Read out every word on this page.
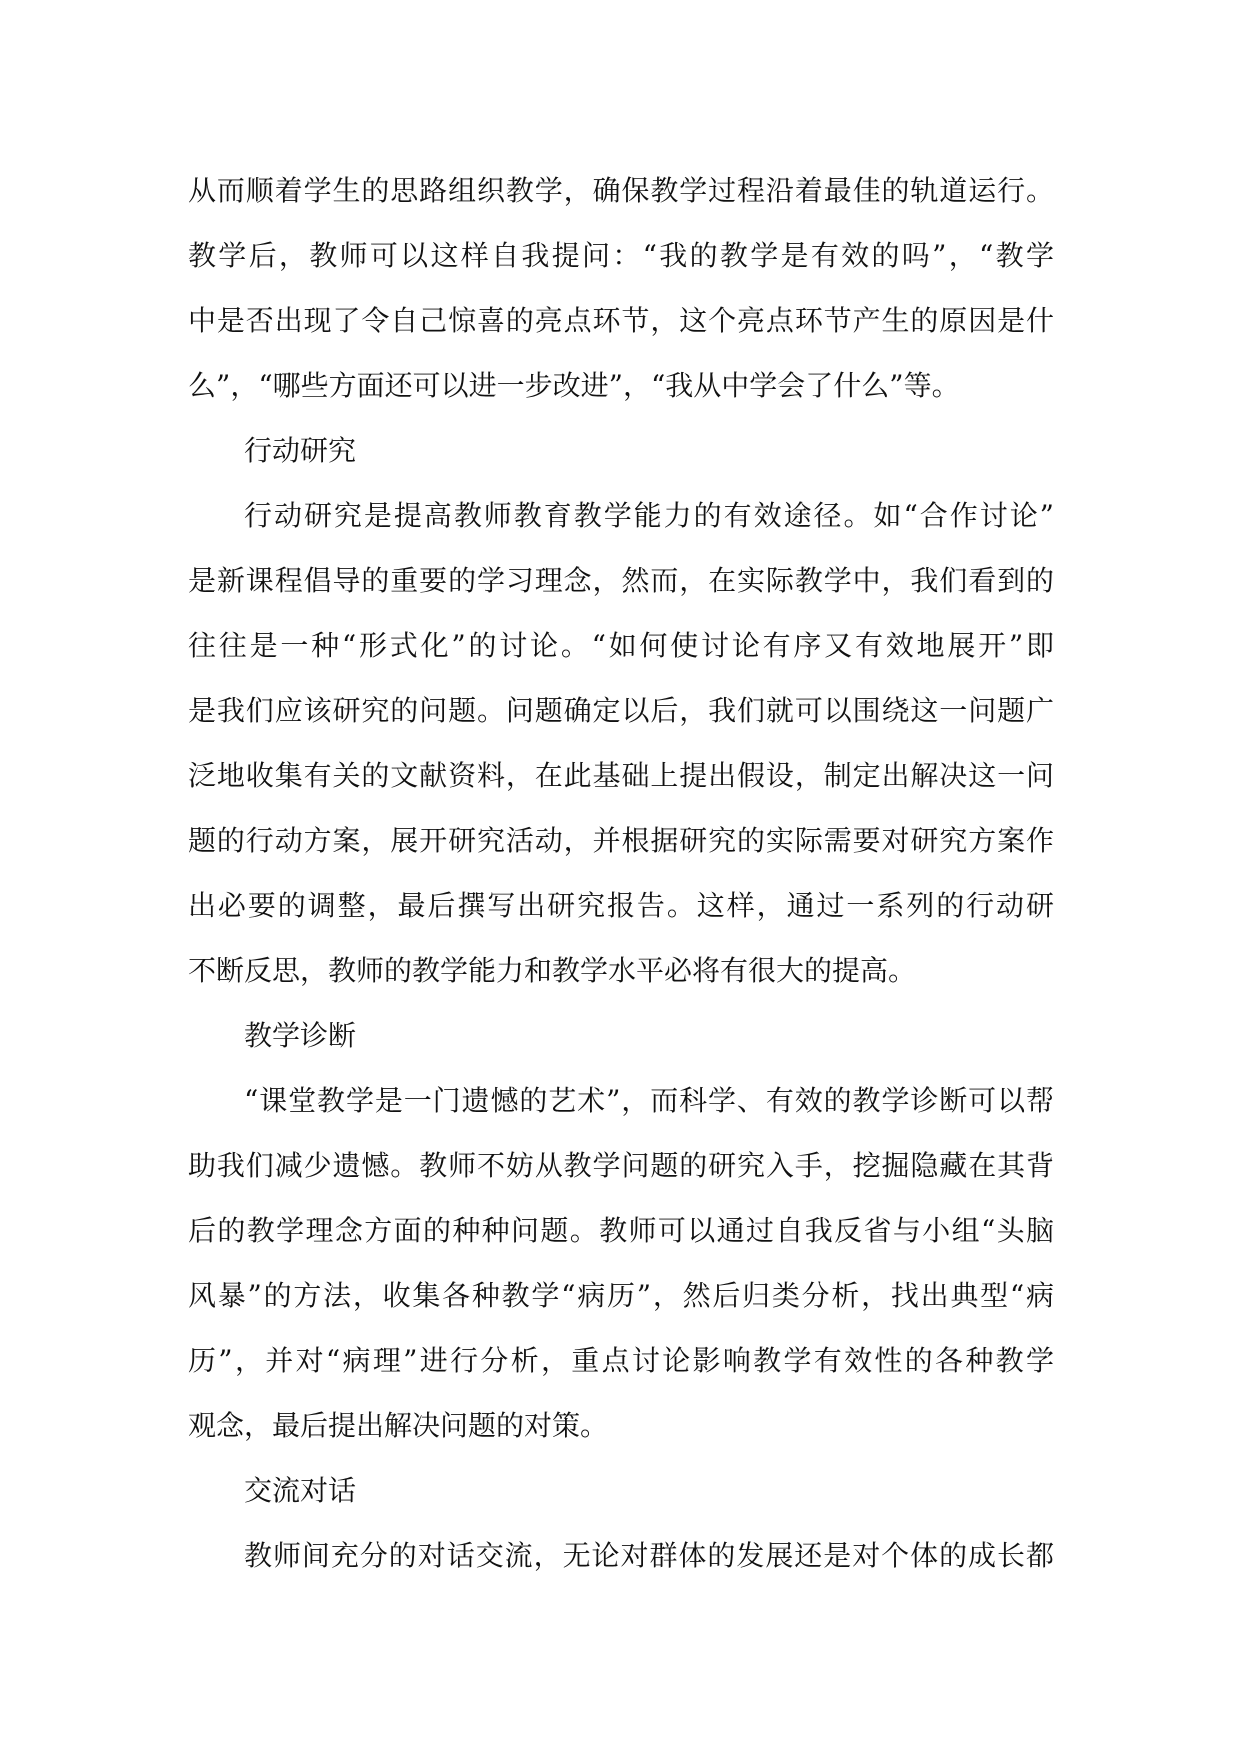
从而顺着学生的思路组织教学，确保教学过程沿着最佳的轨道运行。
教学后，教师可以这样自我提问：“我的教学是有效的吗”，“教学
中是否出现了令自己惊喜的亮点环节，这个亮点环节产生的原因是什
么”，“哪些方面还可以进一步改进”，“我从中学会了什么”等。
行动研究
行动研究是提高教师教育教学能力的有效途径。如“合作讨论”
是新课程倡导的重要的学习理念，然而，在实际教学中，我们看到的
往往是一种“形式化”的讨论。“如何使讨论有序又有效地展开”即
是我们应该研究的问题。问题确定以后，我们就可以围绕这一问题广
泛地收集有关的文献资料，在此基础上提出假设，制定出解决这一问
题的行动方案，展开研究活动，并根据研究的实际需要对研究方案作
出必要的调整，最后撰写出研究报告。这样，通过一系列的行动研
不断反思，教师的教学能力和教学水平必将有很大的提高。
教学诊断
“课堂教学是一门遗憾的艺术”，而科学、有效的教学诊断可以帮
助我们减少遗憾。教师不妨从教学问题的研究入手，挖掘隐藏在其背
后的教学理念方面的种种问题。教师可以通过自我反省与小组“头脑
风暴”的方法，收集各种教学“病历”，然后归类分析，找出典型“病
历”，并对“病理”进行分析，重点讨论影响教学有效性的各种教学
观念，最后提出解决问题的对策。
交流对话
教师间充分的对话交流，无论对群体的发展还是对个体的成长都
